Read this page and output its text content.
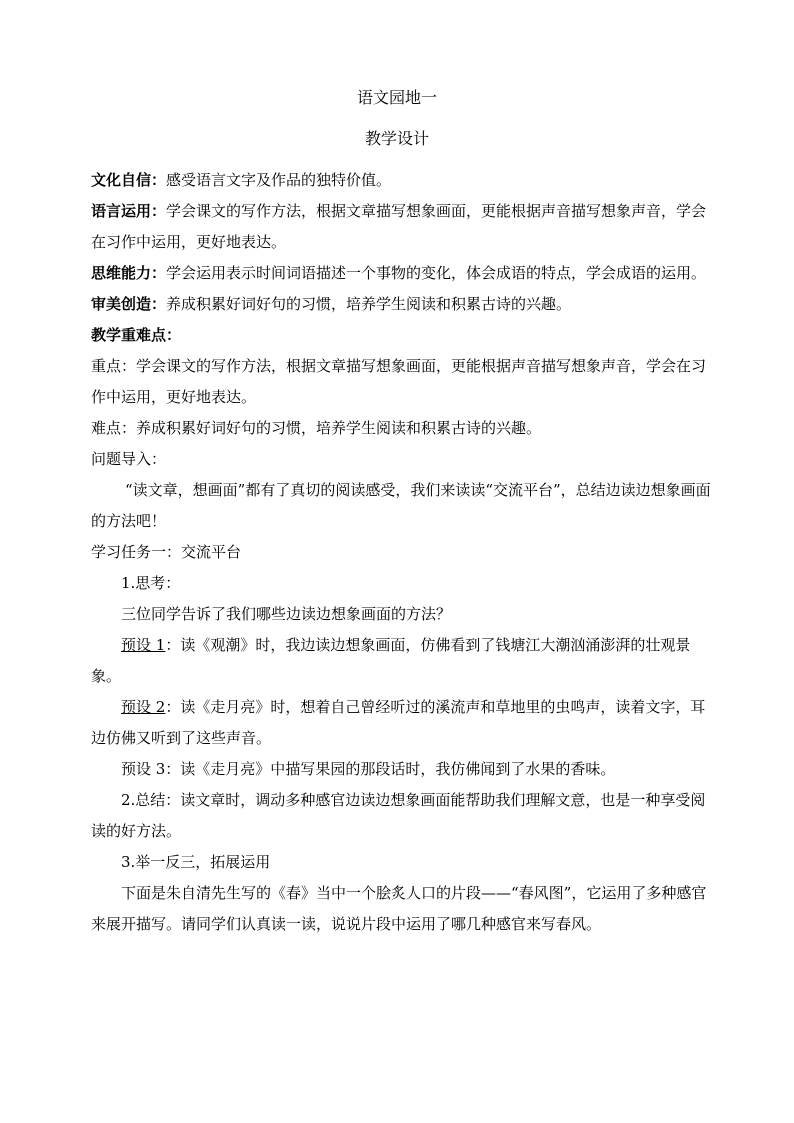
语文园地一
教学设计

文化自信：感受语言文字及作品的独特价值。

语言运用：学会课文的写作方法，根据文章描写想象画面，更能根据声音描写想象声音，学会在习作中运用，更好地表达。

思维能力：学会运用表示时间词语描述一个事物的变化，体会成语的特点，学会成语的运用。

审美创造：养成积累好词好句的习惯，培养学生阅读和积累古诗的兴趣。

教学重难点：

重点：学会课文的写作方法，根据文章描写想象画面，更能根据声音描写想象声音，学会在习作中运用，更好地表达。

难点：养成积累好词好句的习惯，培养学生阅读和积累古诗的兴趣。

问题导入：

“读文章，想画面”都有了真切的阅读感受，我们来读读“交流平台”，总结边读边想象画面的方法吧！

学习任务一：交流平台

1.思考：

三位同学告诉了我们哪些边读边想象画面的方法？

预设 1：读《观潮》时，我边读边想象画面，仿佛看到了钱塘江大潮汹涌澎湃的壮观景象。

预设 2：读《走月亮》时，想着自己曾经听过的溪流声和草地里的虫鸣声，读着文字，耳边仿佛又听到了这些声音。

预设 3：读《走月亮》中描写果园的那段话时，我仿佛闻到了水果的香味。

2.总结：读文章时，调动多种感官边读边想象画面能帮助我们理解文意，也是一种享受阅读的好方法。

3.举一反三，拓展运用

下面是朱自清先生写的《春》当中一个脍炙人口的片段——“春风图”，它运用了多种感官来展开描写。请同学们认真读一读，说说片段中运用了哪几种感官来写春风。
